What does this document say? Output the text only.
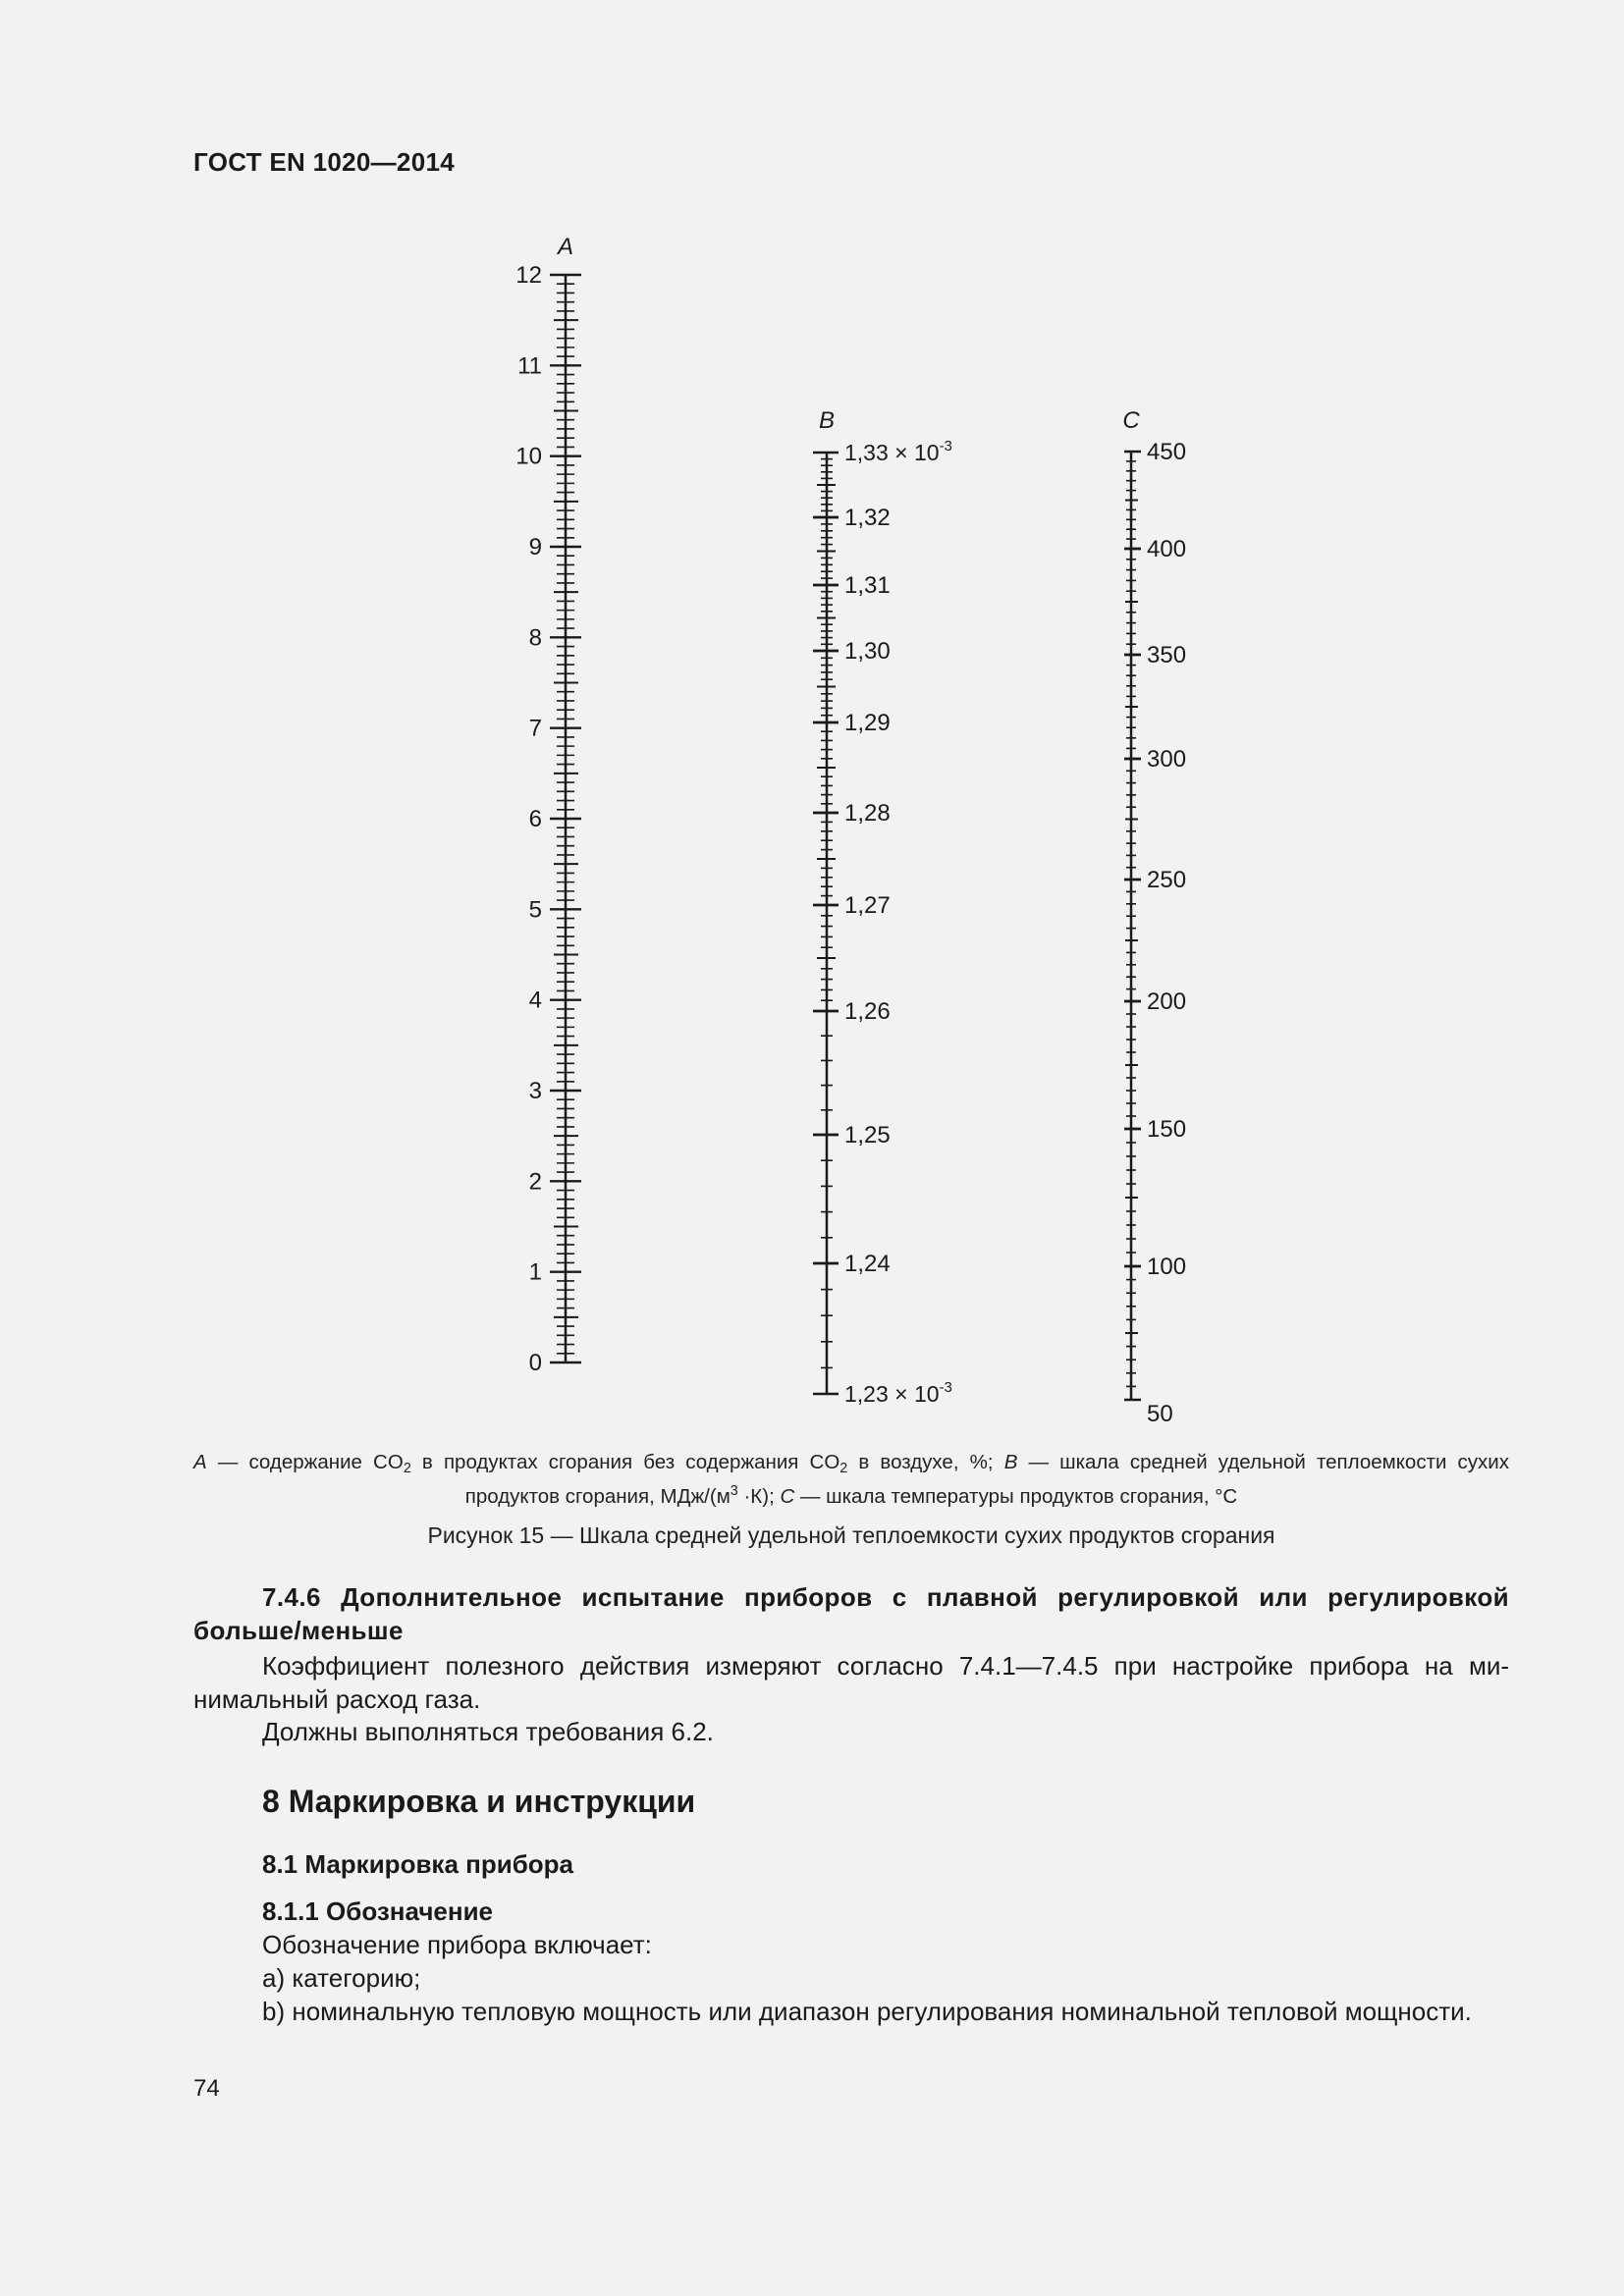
ГОСТ EN 1020—2014
0
1
2
3
4
5
6
7
8
9
10
11
12
1,24
1,25
1,26
1,27
1,28
1,29
1,30
1,31
1,32
50
100
150
200
250
300
350
400
450
A
B	C
$1,23 \times 10^{-3}$
$1,33 \times 10^{-3}$
A — содержание $CO_2$ в продуктах сгорания без содержания $CO_2$ в воздухе, %; B — шкала средней удельной теплоемкости сухих
продуктов сгорания, МДж/$(м^3 \cdot К)$; C — шкала температуры продуктов сгорания, °С
Рисунок 15 — Шкала средней удельной теплоемкости сухих продуктов сгорания
7.4.6 Дополнительное испытание приборов с плавной регулировкой или регулировкой
больше/меньше
Коэффициент полезного действия измеряют согласно 7.4.1—7.4.5 при настройке прибора на ми-
нимальный расход газа.
Должны выполняться требования 6.2.
8 Маркировка и инструкции
8.1 Маркировка прибора
8.1.1 Обозначение
Обозначение прибора включает:
а) категорию;
b) номинальную тепловую мощность или диапазон регулирования номинальной тепловой мощности.
74
